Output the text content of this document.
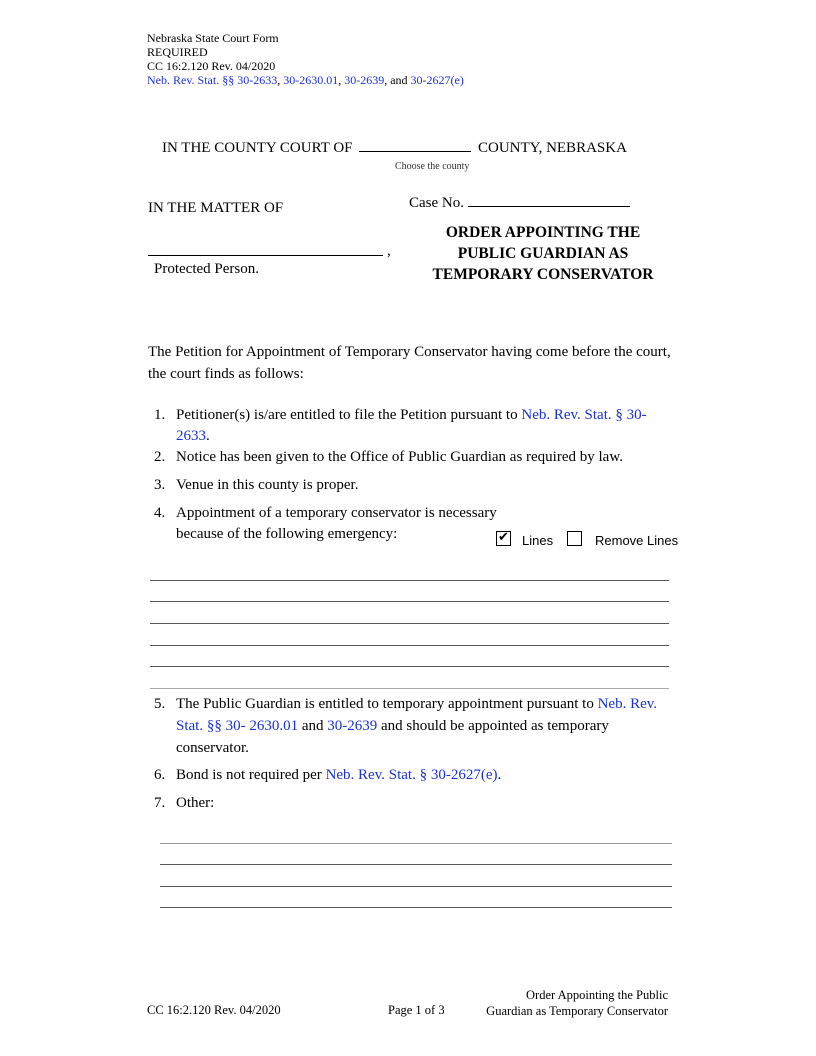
Nebraska State Court Form
REQUIRED
CC 16:2.120 Rev. 04/2020
Neb. Rev. Stat. §§ 30-2633, 30-2630.01, 30-2639, and 30-2627(e)
IN THE COUNTY COURT OF	COUNTY, NEBRASKA
Choose the county
IN THE MATTER OF	Case No.
,
Protected Person.
ORDER APPOINTING THE
PUBLIC GUARDIAN AS
TEMPORARY CONSERVATOR
The Petition for Appointment of Temporary Conservator having come before the court, the court finds as follows:
1. Petitioner(s) is/are entitled to file the Petition pursuant to Neb. Rev. Stat. § 30-2633.
2. Notice has been given to the Office of Public Guardian as required by law.
3. Venue in this county is proper.
4. Appointment of a temporary conservator is necessary because of the following emergency:	✔ Lines	Remove Lines
5. The Public Guardian is entitled to temporary appointment pursuant to Neb. Rev. Stat. §§ 30- 2630.01 and 30-2639 and should be appointed as temporary conservator.
6. Bond is not required per Neb. Rev. Stat. § 30-2627(e).
7. Other:
CC 16:2.120 Rev. 04/2020	Page 1 of 3
Order Appointing the Public
Guardian as Temporary Conservator
